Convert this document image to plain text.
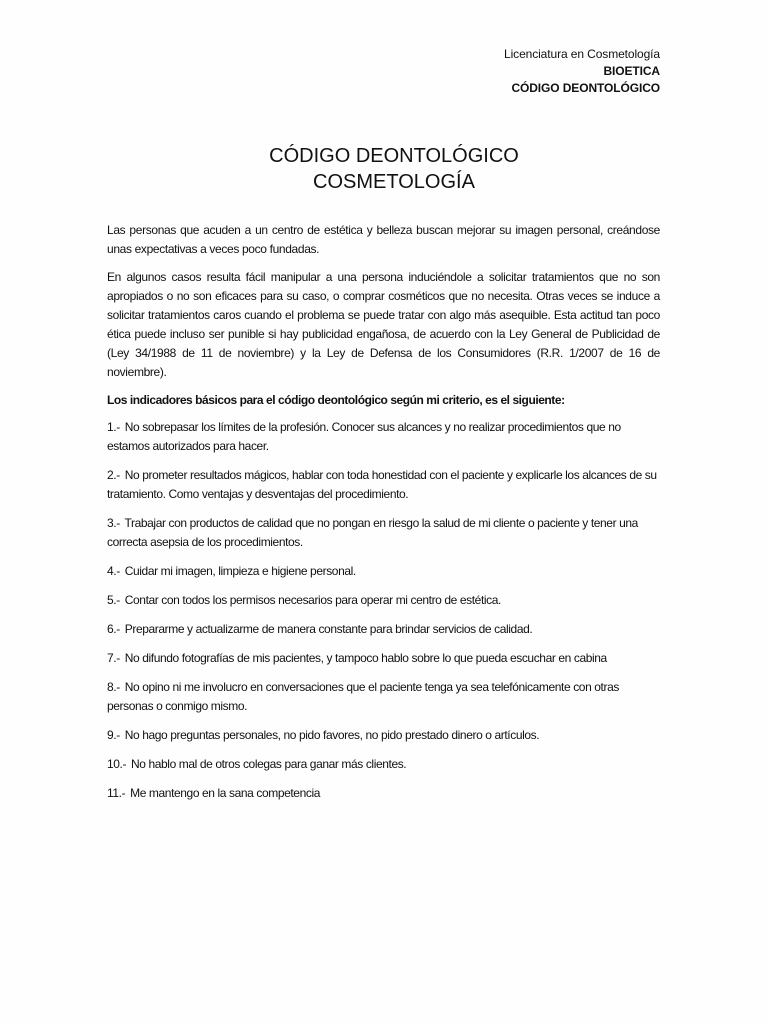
Licenciatura en Cosmetología
BIOETICA
CÓDIGO DEONTOLÓGICO
CÓDIGO DEONTOLÓGICO
COSMETOLOGÍA

Las personas que acuden a un centro de estética y belleza buscan mejorar su imagen personal, creándose unas expectativas a veces poco fundadas.

En algunos casos resulta fácil manipular a una persona induciéndole a solicitar tratamientos que no son apropiados o no son eficaces para su caso, o comprar cosméticos que no necesita. Otras veces se induce a solicitar tratamientos caros cuando el problema se puede tratar con algo más asequible. Esta actitud tan poco ética puede incluso ser punible si hay publicidad engañosa, de acuerdo con la Ley General de Publicidad de (Ley 34/1988 de 11 de noviembre) y la Ley de Defensa de los Consumidores (R.R. 1/2007 de 16 de noviembre).

Los indicadores básicos para el código deontológico según mi criterio, es el siguiente:

1.- No sobrepasar los límites de la profesión. Conocer sus alcances y no realizar procedimientos que no estamos autorizados para hacer.
2.- No prometer resultados mágicos, hablar con toda honestidad con el paciente y explicarle los alcances de su tratamiento. Como ventajas y desventajas del procedimiento.
3.- Trabajar con productos de calidad que no pongan en riesgo la salud de mi cliente o paciente y tener una correcta asepsia de los procedimientos.
4.- Cuidar mi imagen, limpieza e higiene personal.
5.- Contar con todos los permisos necesarios para operar mi centro de estética.
6.- Prepararme y actualizarme de manera constante para brindar servicios de calidad.
7.- No difundo fotografías de mis pacientes, y tampoco hablo sobre lo que pueda escuchar en cabina
8.- No opino ni me involucro en conversaciones que el paciente tenga ya sea telefónicamente con otras personas o conmigo mismo.
9.- No hago preguntas personales, no pido favores, no pido prestado dinero o artículos.
10.- No hablo mal de otros colegas para ganar más clientes.
11.- Me mantengo en la sana competencia
